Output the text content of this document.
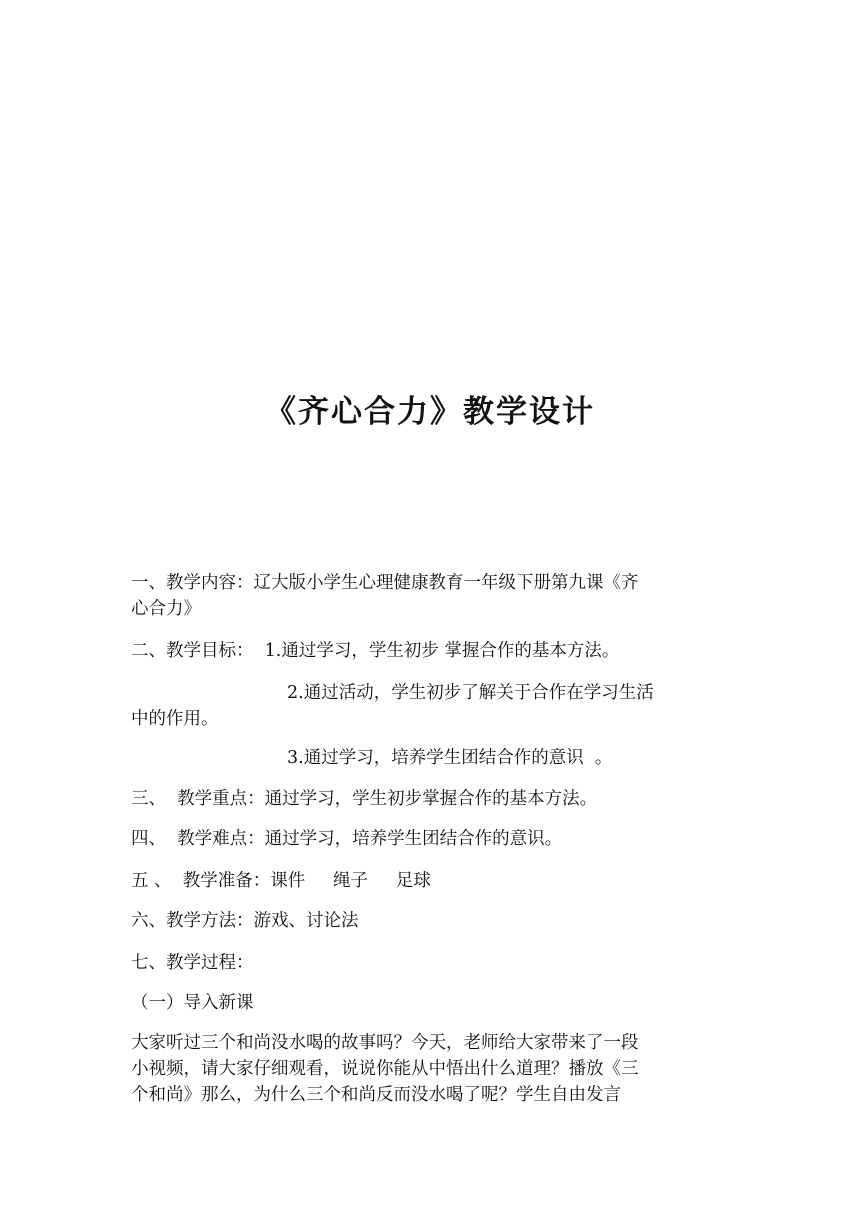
《齐心合力》教学设计
一、教学内容：辽大版小学生心理健康教育一年级下册第九课《齐
心合力》
二、教学目标：  1.通过学习，学生初步 掌握合作的基本方法。
2.通过活动，学生初步了解关于合作在学习生活
中的作用。
3.通过学习，培养学生团结合作的意识  。
三、  教学重点：通过学习，学生初步掌握合作的基本方法。
四、  教学难点：通过学习，培养学生团结合作的意识。
五 、  教学准备：课件     绳子     足球
六、教学方法：游戏、讨论法
七、教学过程：
（一）导入新课
大家听过三个和尚没水喝的故事吗？今天，老师给大家带来了一段
小视频，请大家仔细观看，说说你能从中悟出什么道理？播放《三
个和尚》那么，为什么三个和尚反而没水喝了呢？学生自由发言
